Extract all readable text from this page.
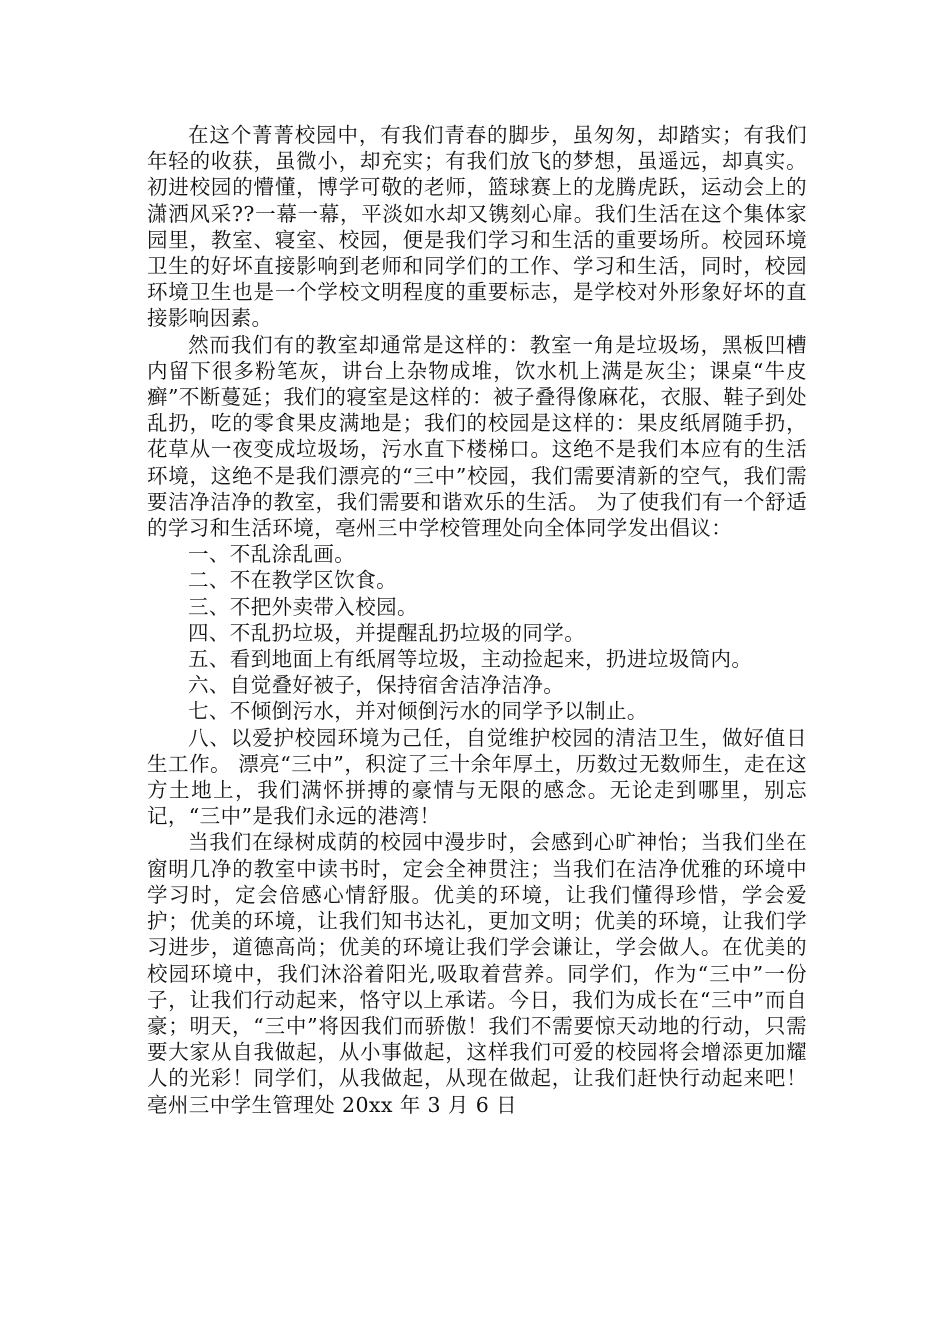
在这个菁菁校园中，有我们青春的脚步，虽匆匆，却踏实；有我们年轻的收获，虽微小，却充实；有我们放飞的梦想，虽遥远，却真实。初进校园的懵懂，博学可敬的老师，篮球赛上的龙腾虎跃，运动会上的潇洒风采??一幕一幕，平淡如水却又镌刻心扉。我们生活在这个集体家园里，教室、寝室、校园，便是我们学习和生活的重要场所。校园环境卫生的好坏直接影响到老师和同学们的工作、学习和生活，同时，校园环境卫生也是一个学校文明程度的重要标志，是学校对外形象好坏的直接影响因素。

然而我们有的教室却通常是这样的：教室一角是垃圾场，黑板凹槽内留下很多粉笔灰，讲台上杂物成堆，饮水机上满是灰尘；课桌“牛皮癣”不断蔓延；我们的寝室是这样的：被子叠得像麻花，衣服、鞋子到处乱扔，吃的零食果皮满地是；我们的校园是这样的：果皮纸屑随手扔，花草从一夜变成垃圾场，污水直下楼梯口。这绝不是我们本应有的生活环境，这绝不是我们漂亮的“三中”校园，我们需要清新的空气，我们需要洁净洁净的教室，我们需要和谐欢乐的生活。 为了使我们有一个舒适的学习和生活环境，亳州三中学校管理处向全体同学发出倡议：

一、不乱涂乱画。

二、不在教学区饮食。

三、不把外卖带入校园。

四、不乱扔垃圾，并提醒乱扔垃圾的同学。

五、看到地面上有纸屑等垃圾，主动捡起来，扔进垃圾筒内。

六、自觉叠好被子，保持宿舍洁净洁净。

七、不倾倒污水，并对倾倒污水的同学予以制止。

八、以爱护校园环境为己任，自觉维护校园的清洁卫生，做好值日生工作。 漂亮“三中”，积淀了三十余年厚土，历数过无数师生，走在这方土地上，我们满怀拼搏的豪情与无限的感念。无论走到哪里，别忘记，“三中”是我们永远的港湾！

当我们在绿树成荫的校园中漫步时，会感到心旷神怡；当我们坐在窗明几净的教室中读书时，定会全神贯注；当我们在洁净优雅的环境中学习时，定会倍感心情舒服。优美的环境，让我们懂得珍惜，学会爱护；优美的环境，让我们知书达礼，更加文明；优美的环境，让我们学习进步，道德高尚；优美的环境让我们学会谦让，学会做人。在优美的校园环境中，我们沐浴着阳光,吸取着营养。同学们，作为“三中”一份子，让我们行动起来，恪守以上承诺。今日，我们为成长在“三中”而自豪；明天，“三中”将因我们而骄傲！我们不需要惊天动地的行动，只需要大家从自我做起，从小事做起，这样我们可爱的校园将会增添更加耀人的光彩！同学们，从我做起，从现在做起，让我们赶快行动起来吧！ 亳州三中学生管理处 20xx 年 3 月 6 日
